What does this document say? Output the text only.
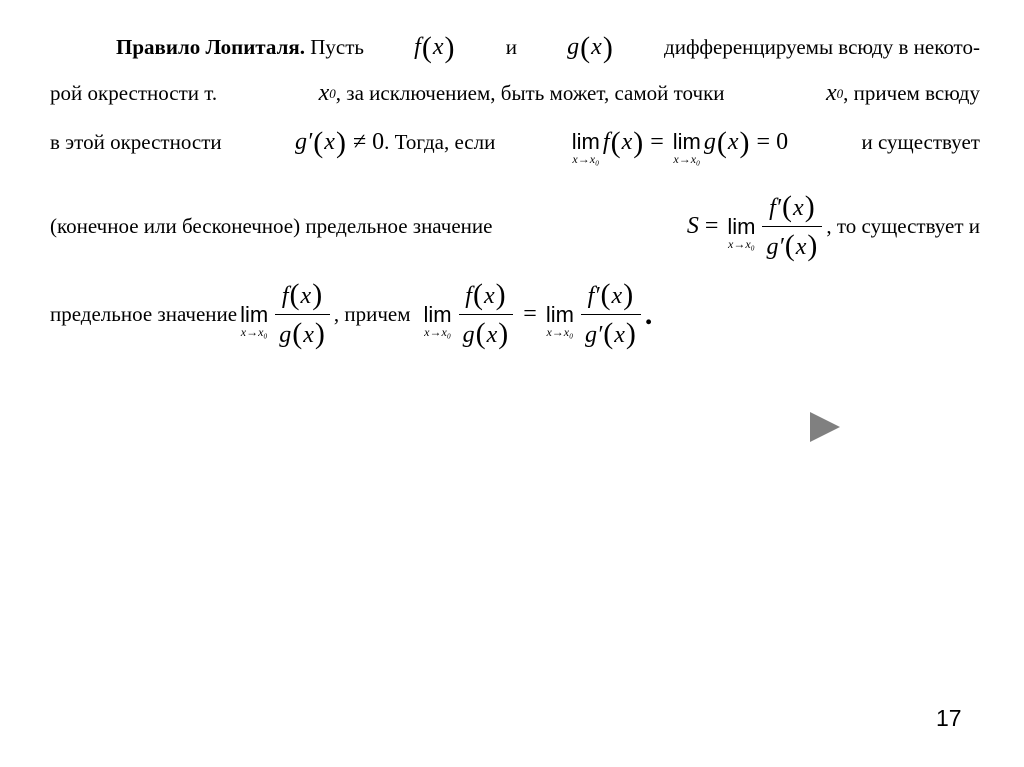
Правило Лопиталя. Пусть f ( x ) и g ( x ) дифференцируемы всюду в некото-
рой окрестности т.	x 0 , за исключением, быть может, самой точки	x 0 , причем всюду
в этой окрестности	g ′ ( x ) ≠ 0 . Тогда, если	lim
x→x₀
f ( x ) = lim
x→x₀
g ( x ) = 0	и существует
(конечное или бесконечное) предельное значение	S = lim
$x\to x_0 \frac{f'(x)}{g'(x)}$ , то существует и
предельное значение lim
$x\to x_0 \frac{f(x)}{g(x)}$ , причем lim
$x\to x_0 \frac{f(x)}{g(x)} = \lim$
$x\to x_0 \frac{f'(x)}{g'(x)}$ .
17
